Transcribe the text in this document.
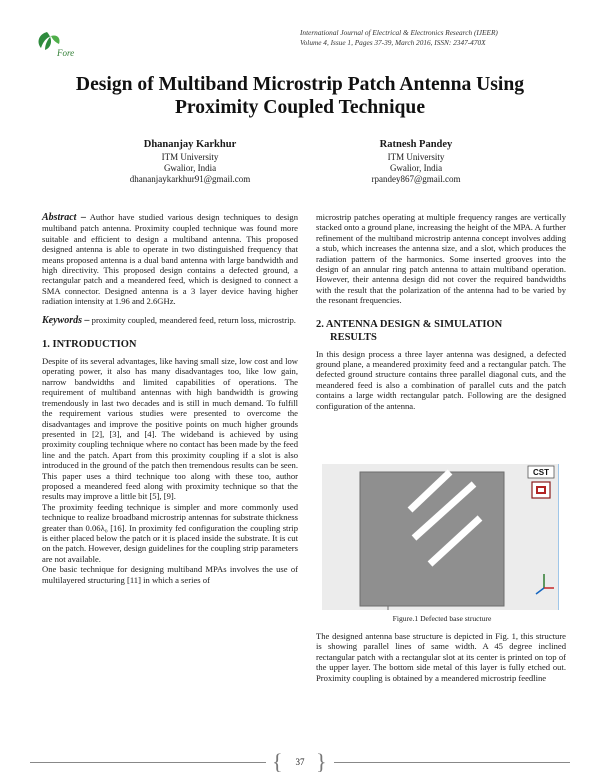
Fore
International Journal of Electrical & Electronics Research (IJEER)
Volume 4, Issue 1, Pages 37-39, March 2016, ISSN: 2347-470X
Design of Multiband Microstrip Patch Antenna Using Proximity Coupled Technique
Dhananjay Karkhur
ITM University
Gwalior, India
dhananjaykarkhur91@gmail.com
Ratnesh Pandey
ITM University
Gwalior, India
rpandey867@gmail.com

Abstract – Author have studied various design techniques to design multiband patch antenna. Proximity coupled technique was found more suitable and efficient to design a multiband antenna. This proposed designed antenna is able to operate in two distinguished frequency that means proposed antenna is a dual band antenna with large bandwidth and high directivity. This proposed design contains a defected ground, a rectangular patch and a meandered feed, which is designed to connect a SMA connector. Designed antenna is a 3 layer device having higher radiation intensity at 1.96 and 2.6GHz.

Keywords – proximity coupled, meandered feed, return loss, microstrip.

1. INTRODUCTION

Despite of its several advantages, like having small size, low cost and low operating power, it also has many disadvantages too, like low gain, narrow bandwidths and limited capabilities of operations. The requirement of multiband antennas with high bandwidth is growing tremendously in last two decades and is still in much demand. To fulfill the requirement various studies were presented to overcome the disadvantages and improve the positive points on much higher grounds presented in [2], [3], and [4]. The wideband is achieved by using proximity coupling technique where no contact has been made by the feed line and the patch. Apart from this proximity coupling if a slot is also introduced in the ground of the patch then tremendous results can be seen. This paper uses a third technique too along with these too, author proposed a meandered feed along with proximity technique so that the results may improve a little bit [5], [9].

The proximity feeding technique is simpler and more commonly used technique to realize broadband microstrip antennas for substrate thickness greater than 0.06λ₀ [16]. In proximity fed configuration the coupling strip is either placed below the patch or it is placed inside the substrate. It is cut on the patch. However, design guidelines for the coupling strip parameters are not available.

One basic technique for designing multiband MPAs involves the use of multilayered structuring [11] in which a series of

microstrip patches operating at multiple frequency ranges are vertically stacked onto a ground plane, increasing the height of the MPA. A further refinement of the multiband microstrip antenna concept involves adding a stub, which increases the antenna size, and a slot, which produces the radiation pattern of the harmonics. Some inserted grooves into the design of an annular ring patch antenna to attain multiband operation. However, their antenna design did not cover the required bandwidths with the result that the polarization of the antenna had to be varied by the resonant frequencies.

2. ANTENNA DESIGN & SIMULATION
RESULTS

In this design process a three layer antenna was designed, a defected ground plane, a meandered proximity feed and a rectangular patch. The defected ground structure contains three parallel diagonal cuts, and the meandered feed is also a combination of parallel cuts and the patch contains a large width rectangular patch. Following are the designed configuration of the antenna.

CST
Figure.1 Defected base structure

The designed antenna base structure is depicted in Fig. 1, this structure is showing parallel lines of same width. A 45 degree inclined rectangular patch with a rectangular slot at its center is printed on top of the upper layer. The bottom side metal of this layer is fully etched out. Proximity coupling is obtained by a meandered microstrip feedline

{	37 }
